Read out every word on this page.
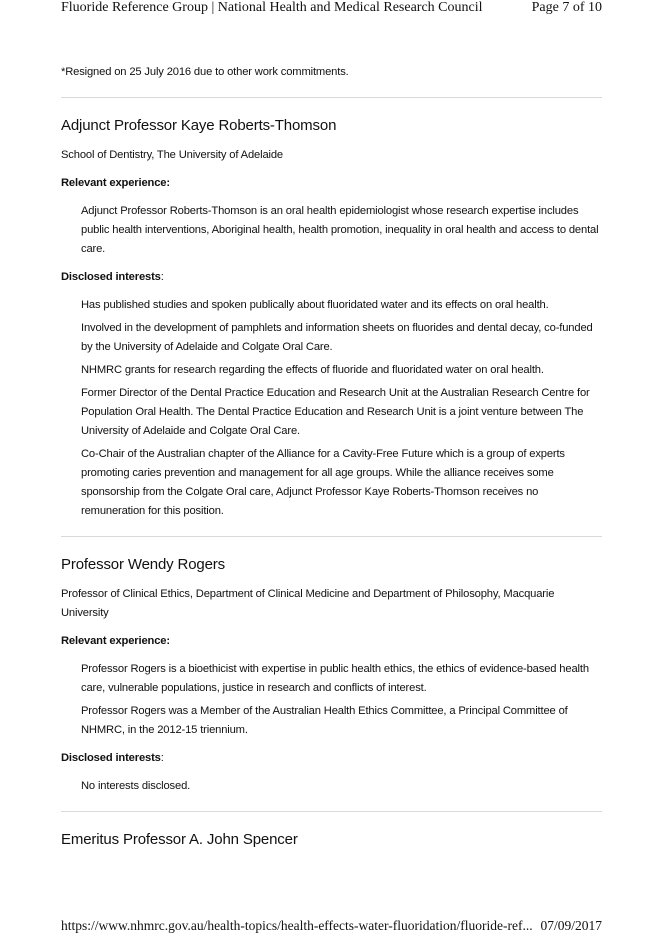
Fluoride Reference Group | National Health and Medical Research Council	Page 7 of 10

*Resigned on 25 July 2016 due to other work commitments.

Adjunct Professor Kaye Roberts-Thomson

School of Dentistry, The University of Adelaide

Relevant experience:

Adjunct Professor Roberts-Thomson is an oral health epidemiologist whose research expertise includes public health interventions, Aboriginal health, health promotion, inequality in oral health and access to dental care.

Disclosed interests:

Has published studies and spoken publically about fluoridated water and its effects on oral health.

Involved in the development of pamphlets and information sheets on fluorides and dental decay, co-funded by the University of Adelaide and Colgate Oral Care.

NHMRC grants for research regarding the effects of fluoride and fluoridated water on oral health.

Former Director of the Dental Practice Education and Research Unit at the Australian Research Centre for Population Oral Health. The Dental Practice Education and Research Unit is a joint venture between The University of Adelaide and Colgate Oral Care.

Co-Chair of the Australian chapter of the Alliance for a Cavity-Free Future which is a group of experts promoting caries prevention and management for all age groups. While the alliance receives some sponsorship from the Colgate Oral care, Adjunct Professor Kaye Roberts-Thomson receives no remuneration for this position.

Professor Wendy Rogers

Professor of Clinical Ethics, Department of Clinical Medicine and Department of Philosophy, Macquarie University

Relevant experience:

Professor Rogers is a bioethicist with expertise in public health ethics, the ethics of evidence-based health care, vulnerable populations, justice in research and conflicts of interest.

Professor Rogers was a Member of the Australian Health Ethics Committee, a Principal Committee of NHMRC, in the 2012-15 triennium.

Disclosed interests:

No interests disclosed.

Emeritus Professor A. John Spencer
https://www.nhmrc.gov.au/health-topics/health-effects-water-fluoridation/fluoride-ref... 07/09/2017
